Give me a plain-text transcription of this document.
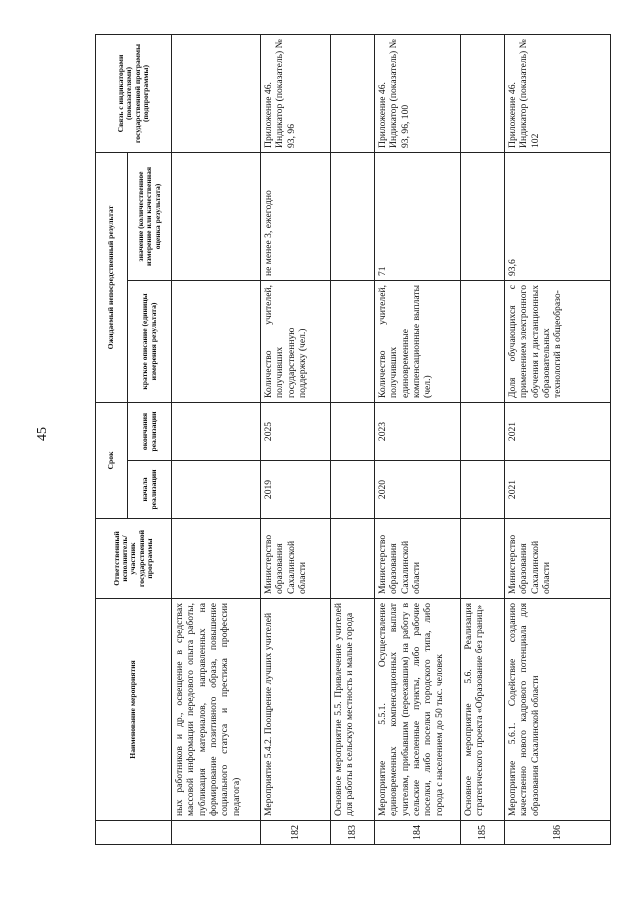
45
	Наименование мероприятия	Ответственный исполнитель/участник государственной программы	Срок		Ожидаемый непосредственный результат		Связь с индикаторами (показателями) государственной программы (подпрограммы)
			начала реализации	окончания реализации	краткое описание (единицы измерения результата)	значение (количественное измерение или качественная оценка результата)	
	ных работников и др., освещение в средствах массовой информации передового опыта работы, публикация материалов, направленных на формирование позитивного образа, повышение социального статуса и престижа профессии педагога)						
182	Мероприятие 5.4.2. Поощрение лучших учителей	Министерство образования Сахалинской области	2019	2025	Количество учителей, получивших государственную поддержку (чел.)	не менее 3, ежегодно	Приложение 46. Индикатор (показатель) № 93, 96
183	Основное мероприятие 5.5. Привлечение учителей для работы в сельскую местность и малые города						
184	Мероприятие 5.5.1. Осуществление единовременных компенсационных выплат учителям, прибывшим (переехавшим) на работу в сельские населенные пункты, либо рабочие поселки, либо поселки городского типа, либо города с населением до 50 тыс. человек	Министерство образования Сахалинской области	2020	2023	Количество учителей, получивших единовременные компенсационные выплаты (чел.)	71	Приложение 46. Индикатор (показатель) № 93, 96, 100
185	Основное мероприятие 5.6. Реализация стратегического проекта «Образование без границ»						
186	Мероприятие 5.6.1. Содействие созданию качественно нового кадрового потенциала для образования Сахалинской области	Министерство образования Сахалинской области	2021	2021	Доля обучающихся с применением электронного обучения и дистанционных образовательных технологий в общеобразо-	93,6	Приложение 46. Индикатор (показатель) № 102
